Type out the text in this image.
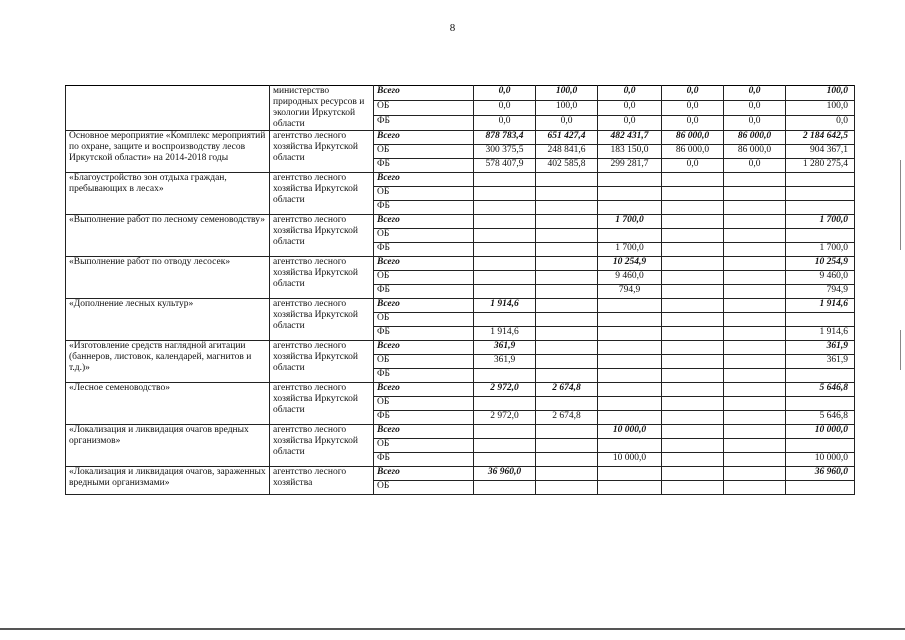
8
	министерство природных ресурсов и экологии Иркутской области	Всего	0,0	100,0	0,0	0,0	0,0	100,0
		ОБ	0,0	100,0	0,0	0,0	0,0	100,0
		ФБ	0,0	0,0	0,0	0,0	0,0	0,0
Основное мероприятие «Комплекс мероприятий по охране, защите и воспроизводству лесов Иркутской области» на 2014-2018 годы	агентство лесного хозяйства Иркутской области	Всего	878 783,4	651 427,4	482 431,7	86 000,0	86 000,0	2 184 642,5
		ОБ	300 375,5	248 841,6	183 150,0	86 000,0	86 000,0	904 367,1
		ФБ	578 407,9	402 585,8	299 281,7	0,0	0,0	1 280 275,4
«Благоустройство зон отдыха граждан, пребывающих в лесах»	агентство лесного хозяйства Иркутской области	Всего						
		ОБ						
		ФБ						
«Выполнение работ по лесному семеноводству»	агентство лесного хозяйства Иркутской области	Всего			1 700,0			1 700,0
		ОБ						
		ФБ			1 700,0			1 700,0
«Выполнение работ по отводу лесосек»	агентство лесного хозяйства Иркутской области	Всего			10 254,9			10 254,9
		ОБ			9 460,0			9 460,0
		ФБ			794,9			794,9
«Дополнение лесных культур»	агентство лесного хозяйства Иркутской области	Всего	1 914,6					1 914,6
		ОБ						
		ФБ	1 914,6					1 914,6
«Изготовление средств наглядной агитации (баннеров, листовок, календарей, магнитов и т.д.)»	агентство лесного хозяйства Иркутской области	Всего	361,9					361,9
		ОБ	361,9					361,9
		ФБ						
«Лесное семеноводство»	агентство лесного хозяйства Иркутской области	Всего	2 972,0	2 674,8				5 646,8
		ОБ						
		ФБ	2 972,0	2 674,8				5 646,8
«Локализация и ликвидация очагов вредных организмов»	агентство лесного хозяйства Иркутской области	Всего			10 000,0			10 000,0
		ОБ						
		ФБ			10 000,0			10 000,0
«Локализация и ликвидация очагов, зараженных вредными организмами»	агентство лесного хозяйства	Всего	36 960,0					36 960,0
		ОБ						
